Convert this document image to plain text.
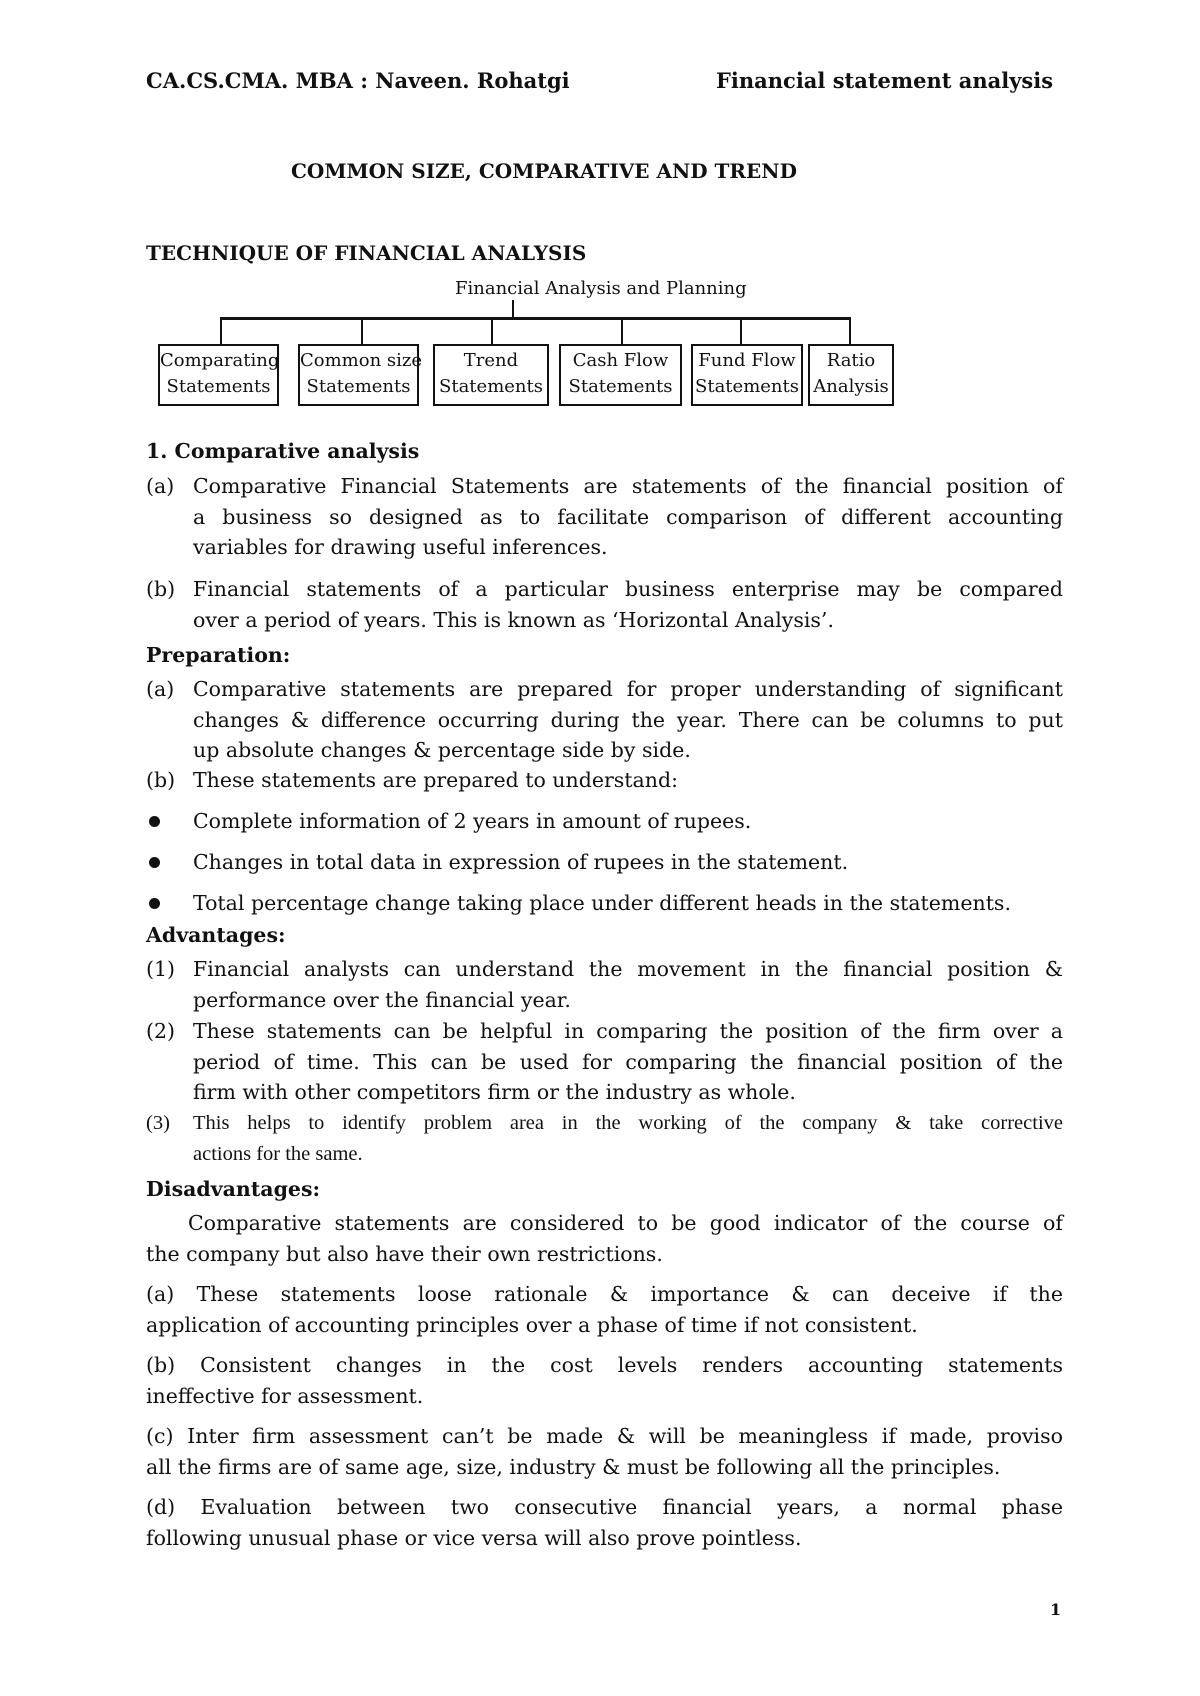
CA.CS.CMA. MBA : Naveen. Rohatgi	Financial statement analysis
COMMON SIZE, COMPARATIVE AND TREND
TECHNIQUE OF FINANCIAL ANALYSIS
Financial Analysis and Planning
Comparating
Statements
Common size
Statements
Trend
Statements
Cash Flow
Statements
Fund Flow
Statements
Ratio
Analysis
1. Comparative analysis
(a) Comparative Financial Statements are statements of the financial position of
a business so designed as to facilitate comparison of different accounting
variables for drawing useful inferences.
(b) Financial statements of a particular business enterprise may be compared
over a period of years. This is known as ‘Horizontal Analysis’.
Preparation:
(a) Comparative statements are prepared for proper understanding of significant
changes & difference occurring during the year. There can be columns to put
up absolute changes & percentage side by side.
(b) These statements are prepared to understand:
Complete information of 2 years in amount of rupees.
Changes in total data in expression of rupees in the statement.
Total percentage change taking place under different heads in the statements.
Advantages:
(1) Financial analysts can understand the movement in the financial position &
performance over the financial year.
(2) These statements can be helpful in comparing the position of the firm over a
period of time. This can be used for comparing the financial position of the
firm with other competitors firm or the industry as whole.
(3) This helps to identify problem area in the working of the company & take corrective
actions for the same.
Disadvantages:
Comparative statements are considered to be good indicator of the course of
the company but also have their own restrictions.
(a) These statements loose rationale & importance & can deceive if the
application of accounting principles over a phase of time if not consistent.
(b) Consistent changes in the cost levels renders accounting statements
ineffective for assessment.
(c) Inter firm assessment can’t be made & will be meaningless if made, proviso
all the firms are of same age, size, industry & must be following all the principles.
(d) Evaluation between two consecutive financial years, a normal phase
following unusual phase or vice versa will also prove pointless.
1
